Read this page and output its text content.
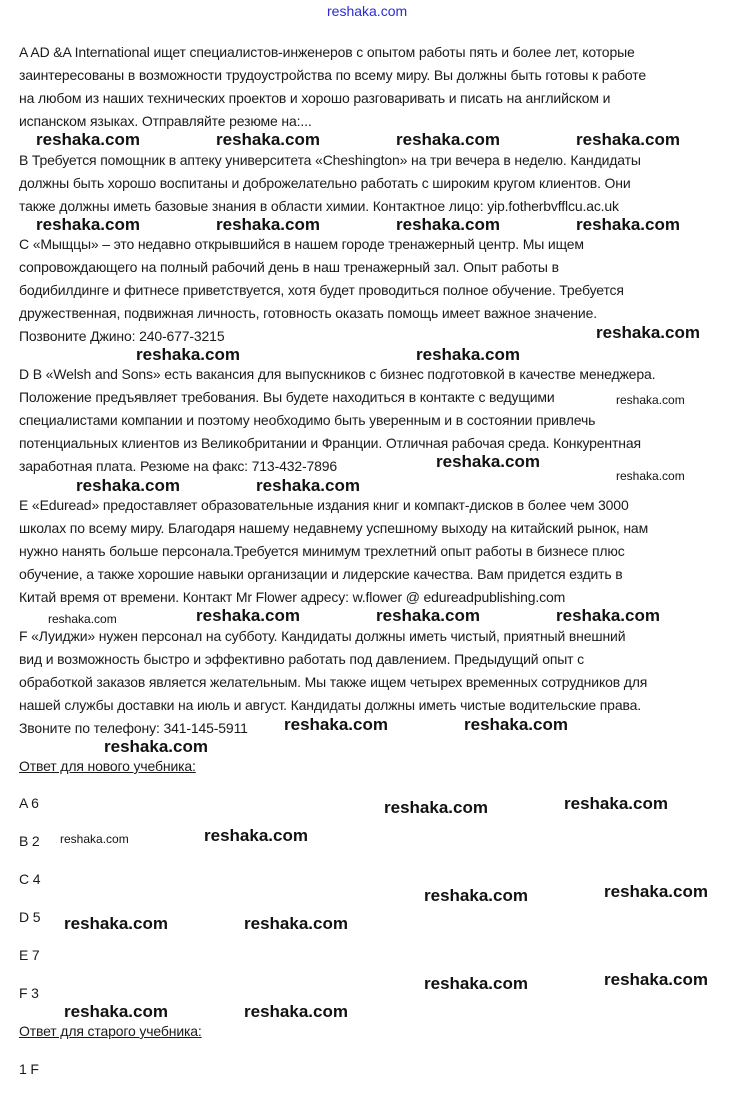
A AD &A International ищет специалистов-инженеров с опытом работы пять и более лет, которые
заинтересованы в возможности трудоустройства по всему миру. Вы должны быть готовы к работе
на любом из наших технических проектов и хорошо разговаривать и писать на английском и
испанском языках. Отправляйте резюме на:...
B Требуется помощник в аптеку университета «Cheshington» на три вечера в неделю. Кандидаты
должны быть хорошо воспитаны и доброжелательно работать с широким кругом клиентов. Они
также должны иметь базовые знания в области химии. Контактное лицо: yip.fotherbvfflcu.ac.uk
C «Мыщцы» – это недавно открывшийся в нашем городе тренажерный центр. Мы ищем
сопровождающего на полный рабочий день в наш тренажерный зал. Опыт работы в
бодибилдинге и фитнесе приветствуется, хотя будет проводиться полное обучение. Требуется
дружественная, подвижная личность, готовность оказать помощь имеет важное значение.
Позвоните Джино: 240-677-3215
D В «Welsh and Sons» есть вакансия для выпускников с бизнес подготовкой в качестве менеджера.
Положение предъявляет требования. Вы будете находиться в контакте с ведущими
специалистами компании и поэтому необходимо быть уверенным и в состоянии привлечь
потенциальных клиентов из Великобритании и Франции. Отличная рабочая среда. Конкурентная
заработная плата. Резюме на факс: 713-432-7896
E «Eduread» предоставляет образовательные издания книг и компакт-дисков в более чем 3000
школах по всему миру. Благодаря нашему недавнему успешному выходу на китайский рынок, нам
нужно нанять больше персонала.Требуется минимум трехлетний опыт работы в бизнесе плюс
обучение, а также хорошие навыки организации и лидерские качества. Вам придется ездить в
Китай время от времени. Контакт Mr Flower адресу: w.flower @ edureadpublishing.com
F «Луиджи» нужен персонал на субботу. Кандидаты должны иметь чистый, приятный внешний
вид и возможность быстро и эффективно работать под давлением. Предыдущий опыт с
обработкой заказов является желательным. Мы также ищем четырех временных сотрудников для
нашей службы доставки на июль и август. Кандидаты должны иметь чистые водительские права.
Звоните по телефону: 341-145-5911
Ответ для нового учебника:
A 6
B 2
C 4
D 5
E 7
F 3
Ответ для старого учебника:
1 F
reshaka.com
reshaka.com	reshaka.com	reshaka.com	reshaka.com
reshaka.com	reshaka.com	reshaka.com	reshaka.com
reshaka.com
reshaka.com	reshaka.com
reshaka.com
reshaka.com
reshaka.com
reshaka.com	reshaka.com
reshaka.com	reshaka.com	reshaka.com
reshaka.com
reshaka.com	reshaka.com
reshaka.com
reshaka.com	reshaka.com
reshaka.com
reshaka.com
reshaka.com	reshaka.com
reshaka.com	reshaka.com
reshaka.com	reshaka.com
reshaka.com	reshaka.com
